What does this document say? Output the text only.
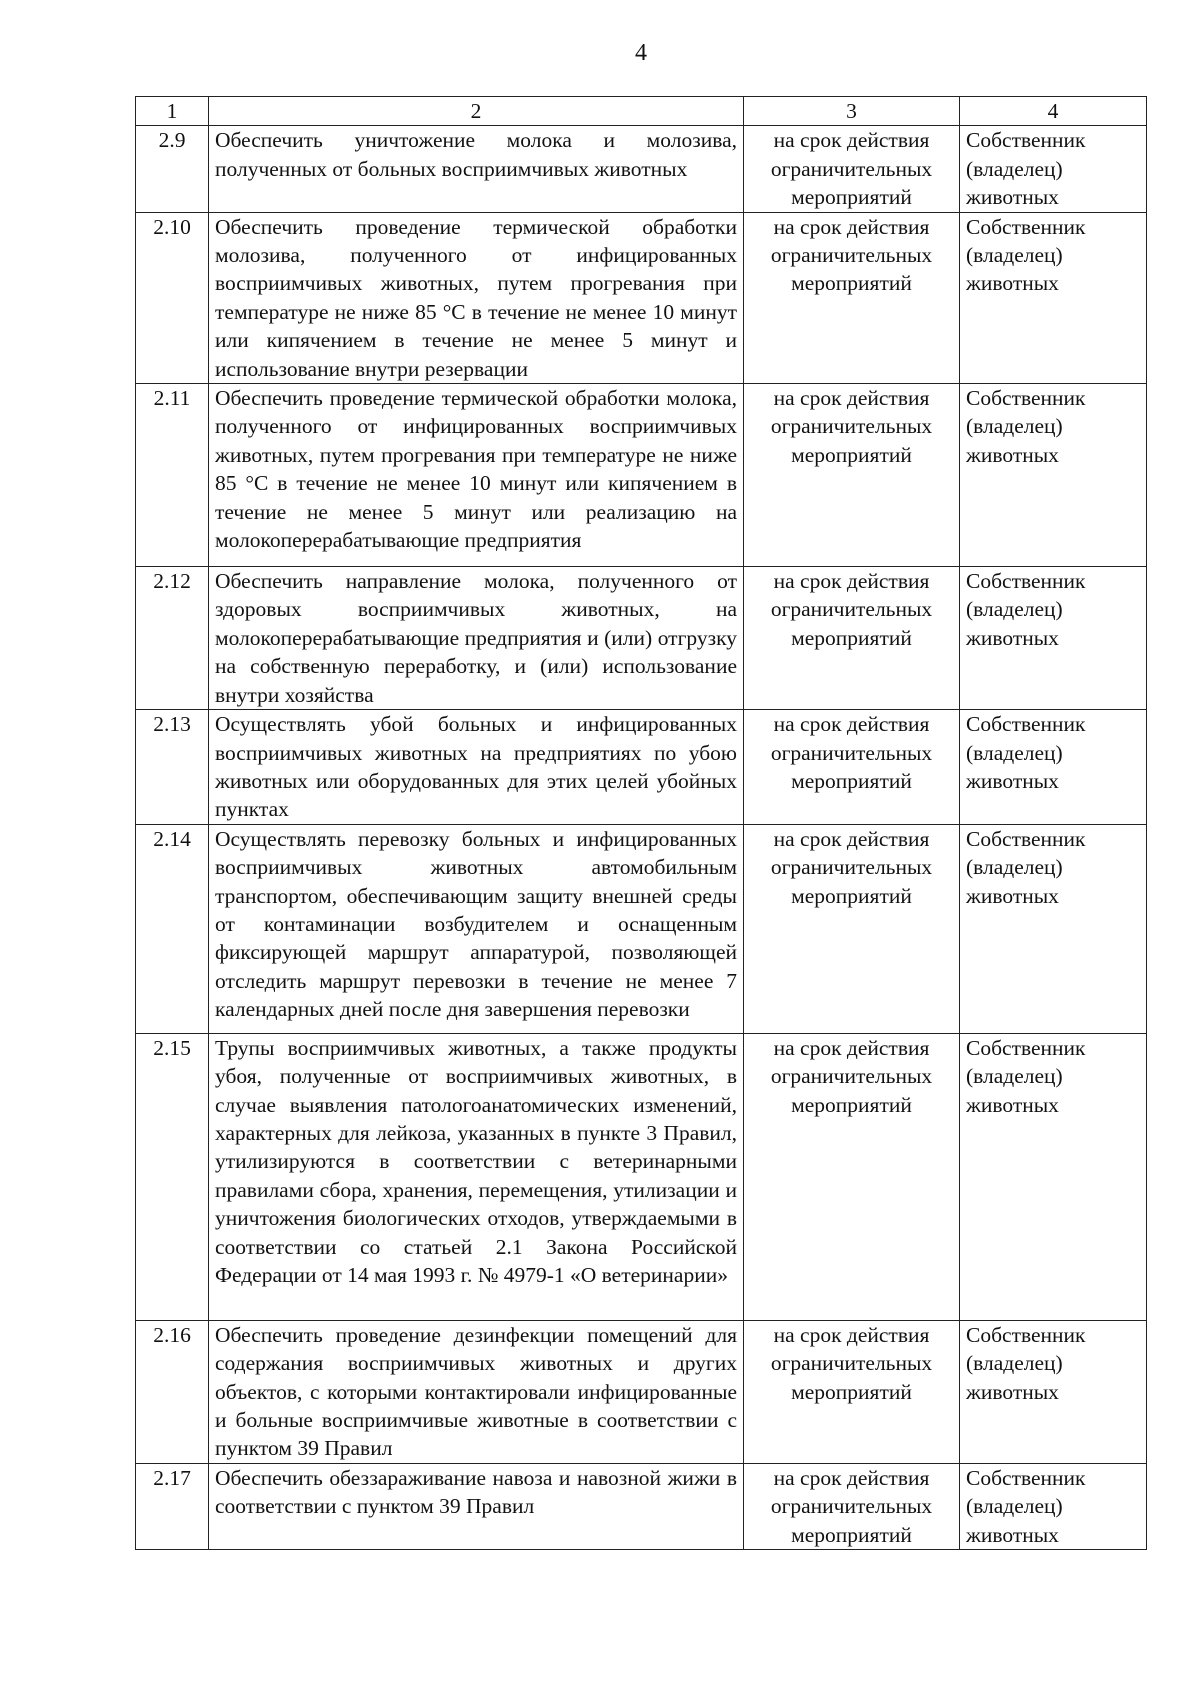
4
1	2	3	4
2.9	Обеспечить уничтожение молока и молозива, полученных от больных восприимчивых животных	на срок действия ограничительных мероприятий	Собственник (владелец) животных
2.10	Обеспечить проведение термической обработки молозива, полученного от инфицированных восприимчивых животных, путем прогревания при температуре не ниже 85 °C в течение не менее 10 минут или кипячением в течение не менее 5 минут и использование внутри резервации	на срок действия ограничительных мероприятий	Собственник (владелец) животных
2.11	Обеспечить проведение термической обработки молока, полученного от инфицированных восприимчивых животных, путем прогревания при температуре не ниже 85 °C в течение не менее 10 минут или кипячением в течение не менее 5 минут или реализацию на молокоперерабатывающие предприятия	на срок действия ограничительных мероприятий	Собственник (владелец) животных
2.12	Обеспечить направление молока, полученного от здоровых восприимчивых животных, на молокоперерабатывающие предприятия и (или) отгрузку на собственную переработку, и (или) использование внутри хозяйства	на срок действия ограничительных мероприятий	Собственник (владелец) животных
2.13	Осуществлять убой больных и инфицированных восприимчивых животных на предприятиях по убою животных или оборудованных для этих целей убойных пунктах	на срок действия ограничительных мероприятий	Собственник (владелец) животных
2.14	Осуществлять перевозку больных и инфицированных восприимчивых животных автомобильным транспортом, обеспечивающим защиту внешней среды от контаминации возбудителем и оснащенным фиксирующей маршрут аппаратурой, позволяющей отследить маршрут перевозки в течение не менее 7 календарных дней после дня завершения перевозки	на срок действия ограничительных мероприятий	Собственник (владелец) животных
2.15	Трупы восприимчивых животных, а также продукты убоя, полученные от восприимчивых животных, в случае выявления патологоанатомических изменений, характерных для лейкоза, указанных в пункте 3 Правил, утилизируются в соответствии с ветеринарными правилами сбора, хранения, перемещения, утилизации и уничтожения биологических отходов, утверждаемыми в соответствии со статьей 2.1 Закона Российской Федерации от 14 мая 1993 г. № 4979-1 «О ветеринарии»	на срок действия ограничительных мероприятий	Собственник (владелец) животных
2.16	Обеспечить проведение дезинфекции помещений для содержания восприимчивых животных и других объектов, с которыми контактировали инфицированные и больные восприимчивые животные в соответствии с пунктом 39 Правил	на срок действия ограничительных мероприятий	Собственник (владелец) животных
2.17	Обеспечить обеззараживание навоза и навозной жижи в соответствии с пунктом 39 Правил	на срок действия ограничительных мероприятий	Собственник (владелец) животных
